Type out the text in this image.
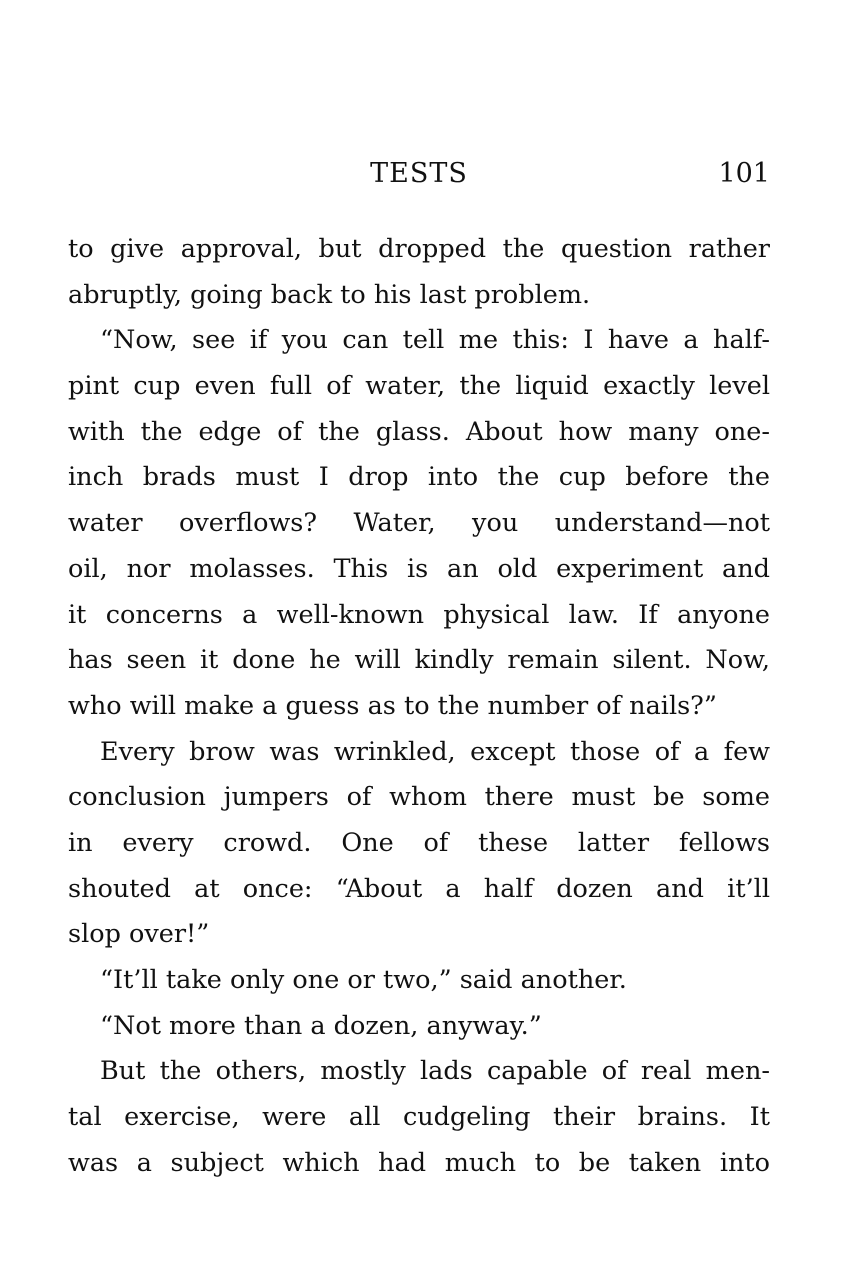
TESTS	101
to give approval, but dropped the question rather
abruptly, going back to his last problem.
“Now, see if you can tell me this: I have a half-
pint cup even full of water, the liquid exactly level
with the edge of the glass. About how many one-
inch brads must I drop into the cup before the
water overflows? Water, you understand—not
oil, nor molasses. This is an old experiment and
it concerns a well-known physical law. If anyone
has seen it done he will kindly remain silent. Now,
who will make a guess as to the number of nails?”
Every brow was wrinkled, except those of a few
conclusion jumpers of whom there must be some
in every crowd. One of these latter fellows
shouted at once: “About a half dozen and it’ll
slop over!”
“It’ll take only one or two,” said another.
“Not more than a dozen, anyway.”
But the others, mostly lads capable of real men-
tal exercise, were all cudgeling their brains. It
was a subject which had much to be taken into
